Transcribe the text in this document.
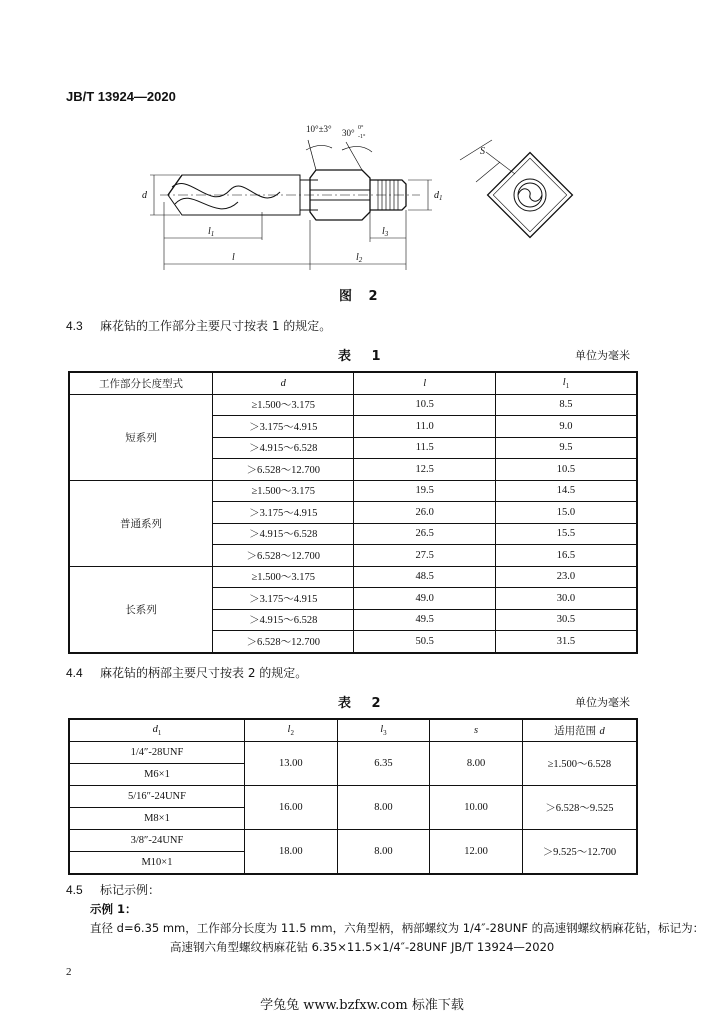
JB/T 13924—2020
d	$d_1$
$l_1$	$l_3$
l	$l_2$
S
10°±3° 30° 0°
-1°
图 2
4.3 麻花钻的工作部分主要尺寸按表 1 的规定。
表 1	单位为毫米
工作部分长度型式	d	l	$l_1$
短系列	≥1.500～3.175	10.5	8.5
	＞3.175～4.915	11.0	9.0
	＞4.915～6.528	11.5	9.5
	＞6.528～12.700	12.5	10.5
普通系列	≥1.500～3.175	19.5	14.5
	＞3.175～4.915	26.0	15.0
	＞4.915～6.528	26.5	15.5
	＞6.528～12.700	27.5	16.5
长系列	≥1.500～3.175	48.5	23.0
	＞3.175～4.915	49.0	30.0
	＞4.915～6.528	49.5	30.5
	＞6.528～12.700	50.5	31.5
4.4 麻花钻的柄部主要尺寸按表 2 的规定。
表 2	单位为毫米
$d_1$	$l_2$	$l_3$	s	适用范围 d
1/4″-28UNF	13.00	6.35	8.00	≥1.500～6.528
M6×1				
5/16″-24UNF	16.00	8.00	10.00	＞6.528～9.525
M8×1				
3/8″-24UNF	18.00	8.00	12.00	＞9.525～12.700
M10×1				
4.5 标记示例：
示例 1：
直径 d=6.35 mm，工作部分长度为 11.5 mm，六角型柄，柄部螺纹为 1/4″-28UNF 的高速钢螺纹柄麻花钻，标记为：
高速钢六角型螺纹柄麻花钻 6.35×11.5×1/4″-28UNF JB/T 13924—2020
2
学兔兔 www.bzfxw.com 标准下载
